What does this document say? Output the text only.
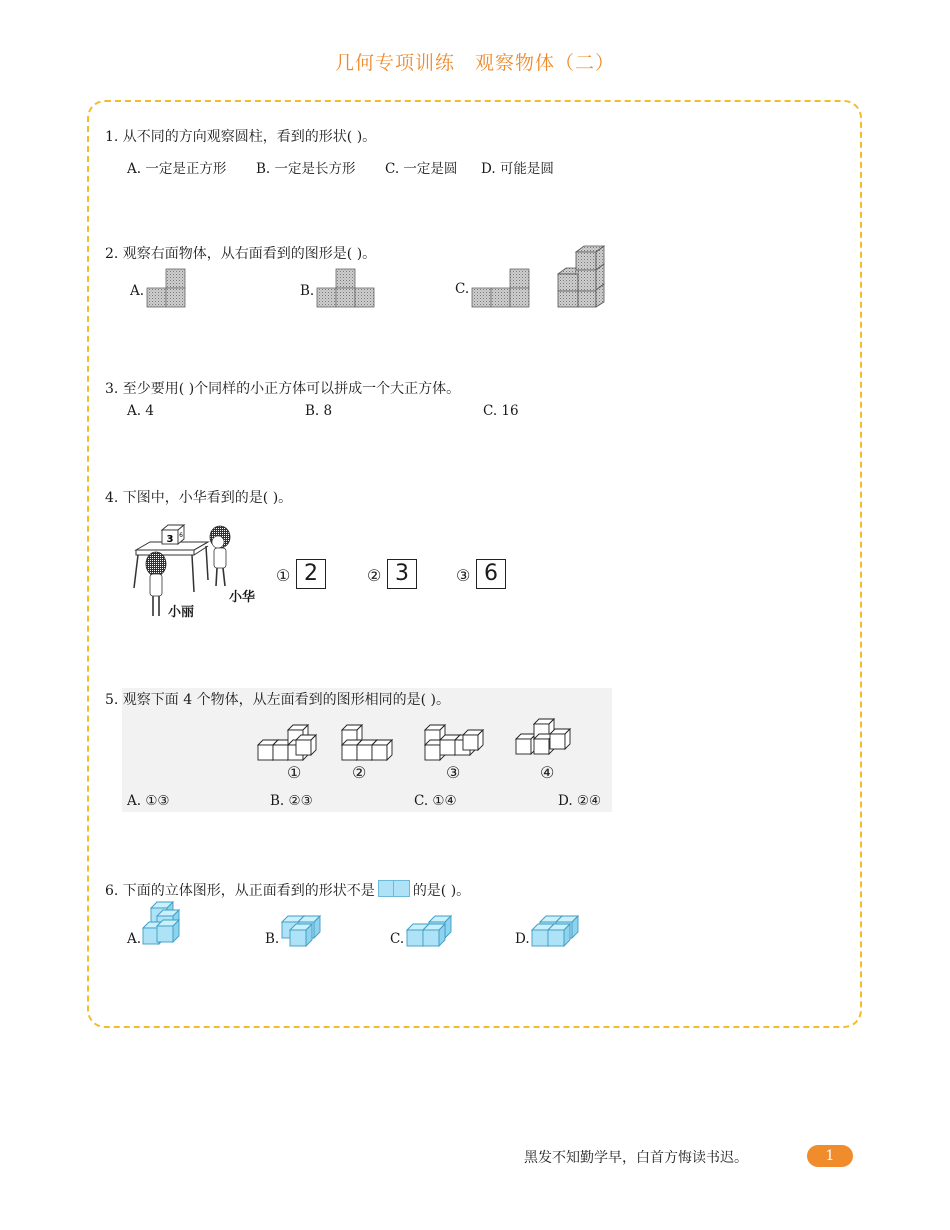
几何专项训练　观察物体（二）
1. 从不同的方向观察圆柱，看到的形状( )。
A. 一定是正方形 B. 一定是长方形 C. 一定是圆 D. 可能是圆
2. 观察右面物体，从右面看到的图形是( )。
A.	B.	C.
3. 至少要用( )个同样的小正方体可以拼成一个大正方体。
A. 4	B. 8	C. 16
4. 下图中，小华看到的是( )。
3 6
小丽
小华
① 2	② 3	③ 6
5. 观察下面 4 个物体，从左面看到的图形相同的是( )。
①	②	③	④
A. ①③	B. ②③	C. ①④	D. ②④
6. 下面的立体图形，从正面看到的形状不是	的是( )。
A.	B.	C.	D.
黑发不知勤学早，白首方悔读书迟。	1
